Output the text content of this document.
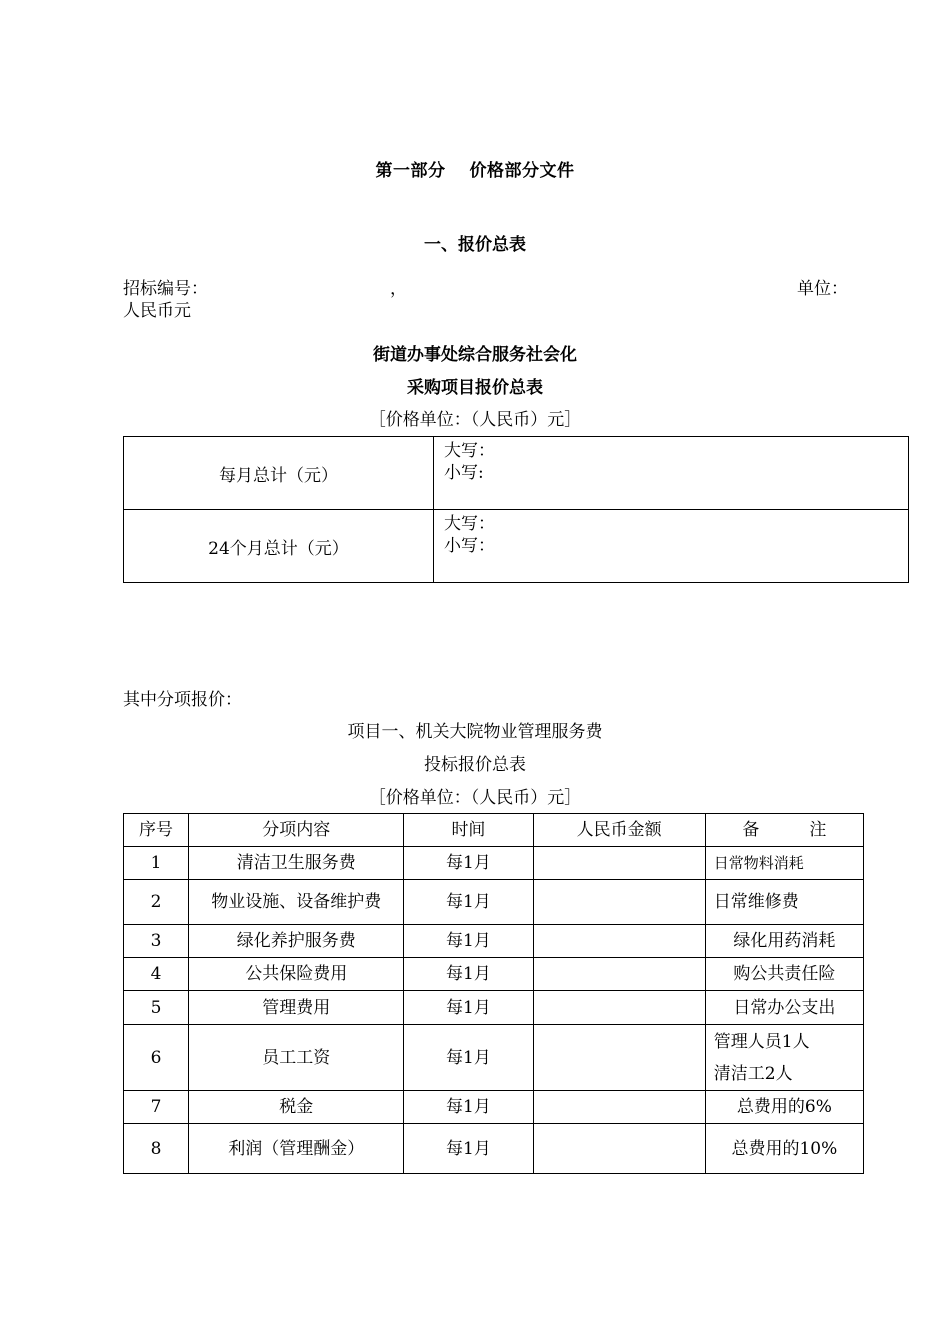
第一部分 价格部分文件
一、报价总表
招标编号：	，	单位：
人民币元
街道办事处综合服务社会化
采购项目报价总表
［价格单位：（人民币）元］
每月总计（元）	大写：
小写:

24个月总计（元）	大写：
小写：
其中分项报价：
项目一、机关大院物业管理服务费
投标报价总表
［价格单位：（人民币）元］
序号	分项内容	时间	人民币金额	备 注
1	清洁卫生服务费	每1月		日常物料消耗
2	物业设施、设备维护费	每1月		日常维修费
3	绿化养护服务费	每1月		绿化用药消耗
4	公共保险费用	每1月		购公共责任险
5	管理费用	每1月		日常办公支出
6	员工工资	每1月		管理人员1人
清洁工2人

7	税金	每1月		总费用的6%
8	利润（管理酬金）	每1月		总费用的10%
